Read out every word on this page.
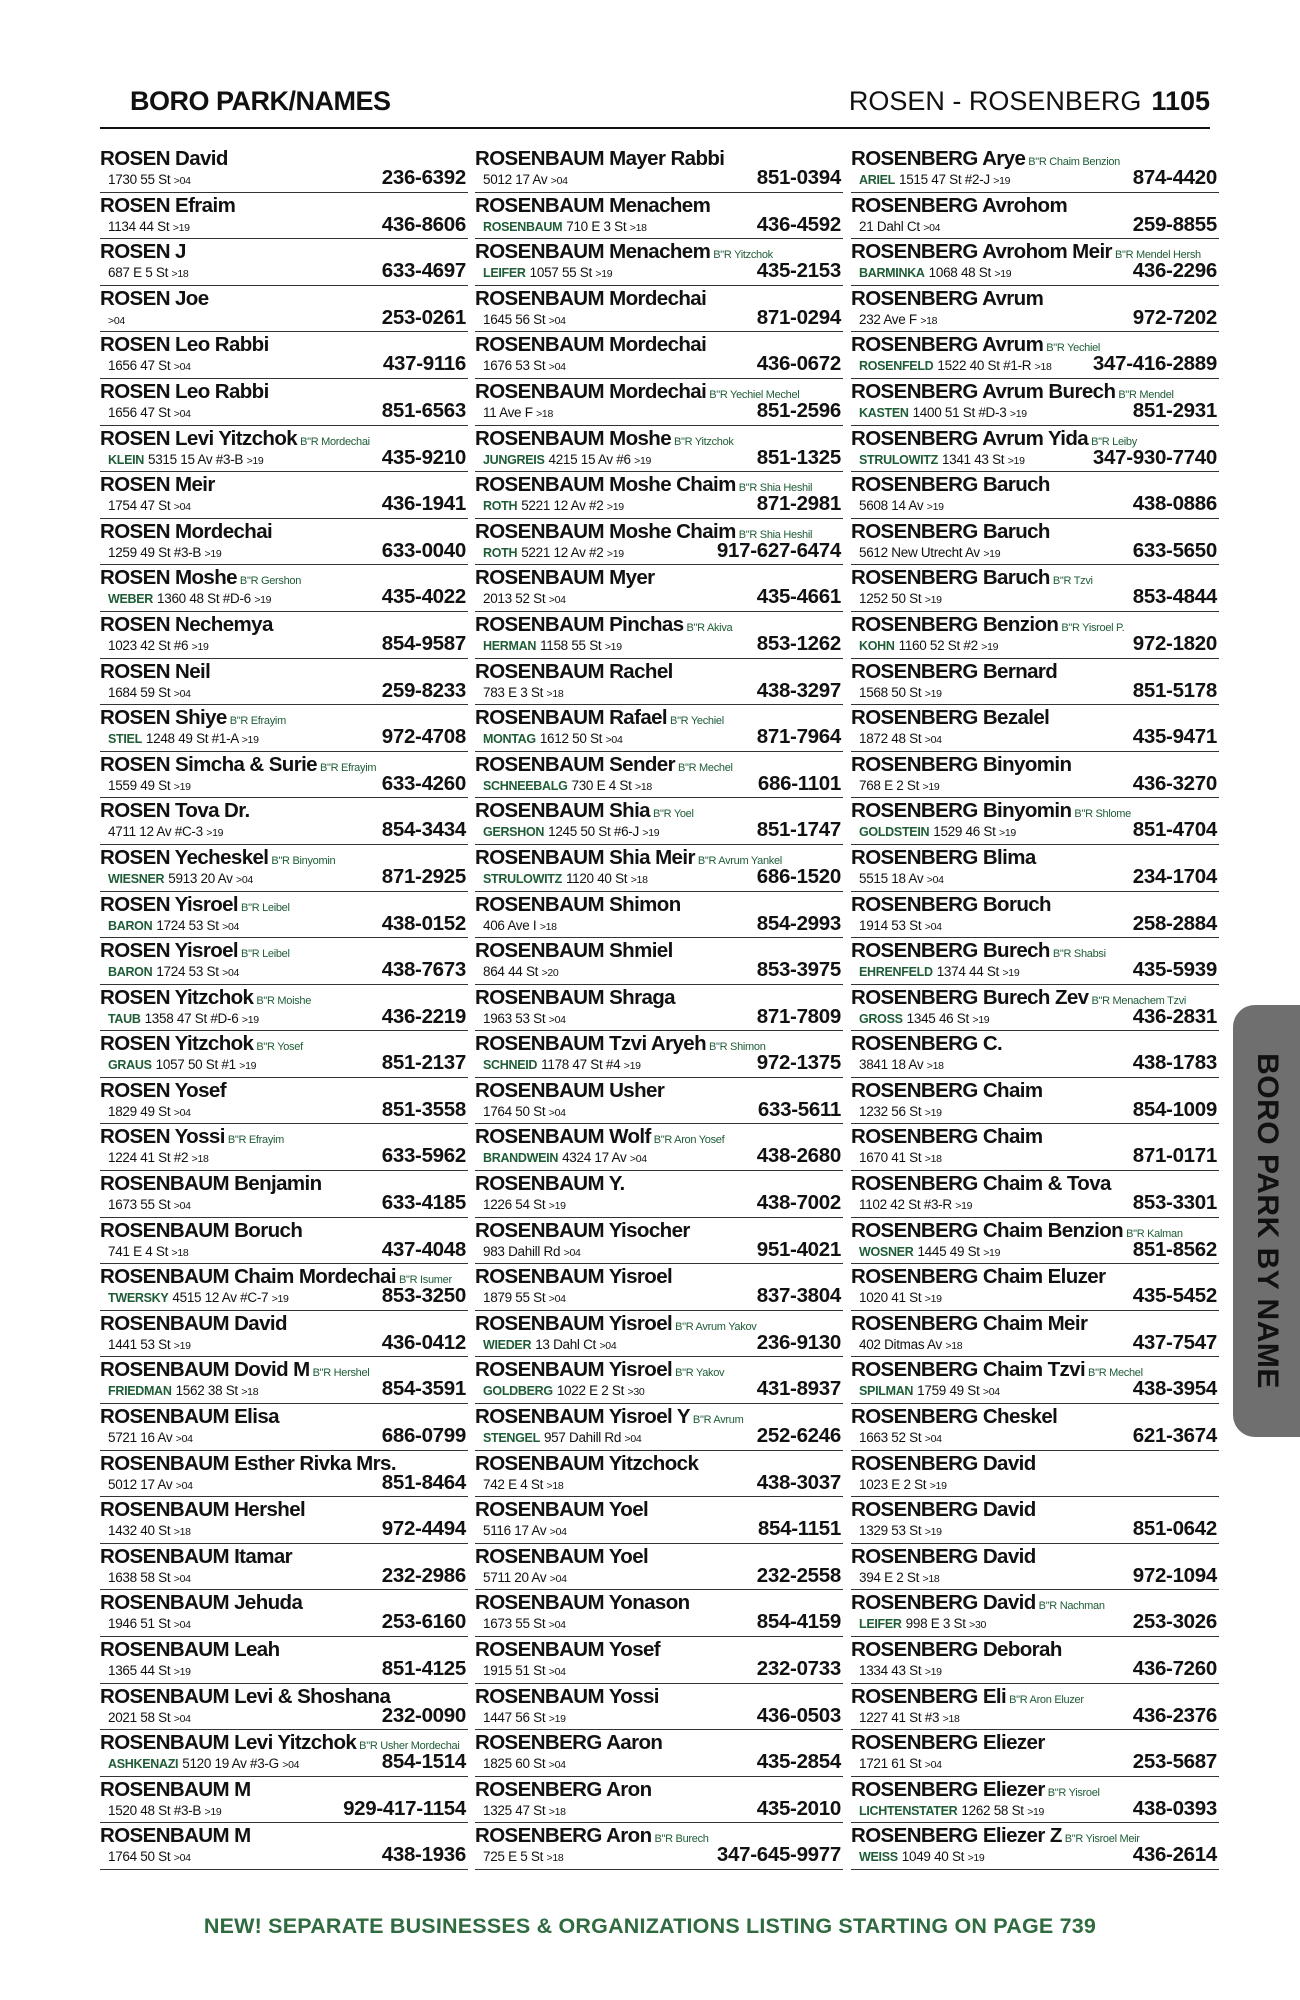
BORO PARK/NAMES	ROSEN - ROSENBERG 1105
ROSEN David
1730 55 St >04	236-6392
ROSEN Efraim
1134 44 St >19	436-8606
ROSEN J
687 E 5 St >18	633-4697
ROSEN Joe
>04	253-0261
ROSEN Leo Rabbi
1656 47 St >04	437-9116
ROSEN Leo Rabbi
1656 47 St >04	851-6563
ROSEN Levi Yitzchok B"R Mordechai
KLEIN 5315 15 Av #3-B >19	435-9210
ROSEN Meir
1754 47 St >04	436-1941
ROSEN Mordechai
1259 49 St #3-B >19	633-0040
ROSEN Moshe B"R Gershon
WEBER 1360 48 St #D-6 >19	435-4022
ROSEN Nechemya
1023 42 St #6 >19	854-9587
ROSEN Neil
1684 59 St >04	259-8233
ROSEN Shiye B"R Efrayim
STIEL 1248 49 St #1-A >19	972-4708
ROSEN Simcha & Surie B"R Efrayim
1559 49 St >19	633-4260
ROSEN Tova Dr.
4711 12 Av #C-3 >19	854-3434
ROSEN Yecheskel B"R Binyomin
WIESNER 5913 20 Av >04	871-2925
ROSEN Yisroel B"R Leibel
BARON 1724 53 St >04	438-0152
ROSEN Yisroel B"R Leibel
BARON 1724 53 St >04	438-7673
ROSEN Yitzchok B"R Moishe
TAUB 1358 47 St #D-6 >19	436-2219
ROSEN Yitzchok B"R Yosef
GRAUS 1057 50 St #1 >19	851-2137
ROSEN Yosef
1829 49 St >04	851-3558
ROSEN Yossi B"R Efrayim
1224 41 St #2 >18	633-5962
ROSENBAUM Benjamin
1673 55 St >04	633-4185
ROSENBAUM Boruch
741 E 4 St >18	437-4048
ROSENBAUM Chaim Mordechai B"R Isumer
TWERSKY 4515 12 Av #C-7 >19	853-3250
ROSENBAUM David
1441 53 St >19	436-0412
ROSENBAUM Dovid M B"R Hershel
FRIEDMAN 1562 38 St >18	854-3591
ROSENBAUM Elisa
5721 16 Av >04	686-0799
ROSENBAUM Esther Rivka Mrs.
5012 17 Av >04	851-8464
ROSENBAUM Hershel
1432 40 St >18	972-4494
ROSENBAUM Itamar
1638 58 St >04	232-2986
ROSENBAUM Jehuda
1946 51 St >04	253-6160
ROSENBAUM Leah
1365 44 St >19	851-4125
ROSENBAUM Levi & Shoshana
2021 58 St >04	232-0090
ROSENBAUM Levi Yitzchok B"R Usher Mordechai
ASHKENAZI 5120 19 Av #3-G >04	854-1514
ROSENBAUM M
1520 48 St #3-B >19	929-417-1154
ROSENBAUM M
1764 50 St >04	438-1936
ROSENBAUM Mayer Rabbi
5012 17 Av >04	851-0394
ROSENBAUM Menachem
ROSENBAUM 710 E 3 St >18	436-4592
ROSENBAUM Menachem B"R Yitzchok
LEIFER 1057 55 St >19	435-2153
ROSENBAUM Mordechai
1645 56 St >04	871-0294
ROSENBAUM Mordechai
1676 53 St >04	436-0672
ROSENBAUM Mordechai B"R Yechiel Mechel
11 Ave F >18	851-2596
ROSENBAUM Moshe B"R Yitzchok
JUNGREIS 4215 15 Av #6 >19	851-1325
ROSENBAUM Moshe Chaim B"R Shia Heshil
ROTH 5221 12 Av #2 >19	871-2981
ROSENBAUM Moshe Chaim B"R Shia Heshil
ROTH 5221 12 Av #2 >19	917-627-6474
ROSENBAUM Myer
2013 52 St >04	435-4661
ROSENBAUM Pinchas B"R Akiva
HERMAN 1158 55 St >19	853-1262
ROSENBAUM Rachel
783 E 3 St >18	438-3297
ROSENBAUM Rafael B"R Yechiel
MONTAG 1612 50 St >04	871-7964
ROSENBAUM Sender B"R Mechel
SCHNEEBALG 730 E 4 St >18	686-1101
ROSENBAUM Shia B"R Yoel
GERSHON 1245 50 St #6-J >19	851-1747
ROSENBAUM Shia Meir B"R Avrum Yankel
STRULOWITZ 1120 40 St >18	686-1520
ROSENBAUM Shimon
406 Ave I >18	854-2993
ROSENBAUM Shmiel
864 44 St >20	853-3975
ROSENBAUM Shraga
1963 53 St >04	871-7809
ROSENBAUM Tzvi Aryeh B"R Shimon
SCHNEID 1178 47 St #4 >19	972-1375
ROSENBAUM Usher
1764 50 St >04	633-5611
ROSENBAUM Wolf B"R Aron Yosef
BRANDWEIN 4324 17 Av >04	438-2680
ROSENBAUM Y.
1226 54 St >19	438-7002
ROSENBAUM Yisocher
983 Dahill Rd >04	951-4021
ROSENBAUM Yisroel
1879 55 St >04	837-3804
ROSENBAUM Yisroel B"R Avrum Yakov
WIEDER 13 Dahl Ct >04	236-9130
ROSENBAUM Yisroel B"R Yakov
GOLDBERG 1022 E 2 St >30	431-8937
ROSENBAUM Yisroel Y B"R Avrum
STENGEL 957 Dahill Rd >04	252-6246
ROSENBAUM Yitzchock
742 E 4 St >18	438-3037
ROSENBAUM Yoel
5116 17 Av >04	854-1151
ROSENBAUM Yoel
5711 20 Av >04	232-2558
ROSENBAUM Yonason
1673 55 St >04	854-4159
ROSENBAUM Yosef
1915 51 St >04	232-0733
ROSENBAUM Yossi
1447 56 St >19	436-0503
ROSENBERG Aaron
1825 60 St >04	435-2854
ROSENBERG Aron
1325 47 St >18	435-2010
ROSENBERG Aron B"R Burech
725 E 5 St >18	347-645-9977
ROSENBERG Arye B"R Chaim Benzion
ARIEL 1515 47 St #2-J >19	874-4420
ROSENBERG Avrohom
21 Dahl Ct >04	259-8855
ROSENBERG Avrohom Meir B"R Mendel Hersh
BARMINKA 1068 48 St >19	436-2296
ROSENBERG Avrum
232 Ave F >18	972-7202
ROSENBERG Avrum B"R Yechiel
ROSENFELD 1522 40 St #1-R >18 347-416-2889
ROSENBERG Avrum Burech B"R Mendel
KASTEN 1400 51 St #D-3 >19	851-2931
ROSENBERG Avrum Yida B"R Leiby
STRULOWITZ 1341 43 St >19	347-930-7740
ROSENBERG Baruch
5608 14 Av >19	438-0886
ROSENBERG Baruch
5612 New Utrecht Av >19	633-5650
ROSENBERG Baruch B"R Tzvi
1252 50 St >19	853-4844
ROSENBERG Benzion B"R Yisroel P.
KOHN 1160 52 St #2 >19	972-1820
ROSENBERG Bernard
1568 50 St >19	851-5178
ROSENBERG Bezalel
1872 48 St >04	435-9471
ROSENBERG Binyomin
768 E 2 St >19	436-3270
ROSENBERG Binyomin B"R Shlome
GOLDSTEIN 1529 46 St >19	851-4704
ROSENBERG Blima
5515 18 Av >04	234-1704
ROSENBERG Boruch
1914 53 St >04	258-2884
ROSENBERG Burech B"R Shabsi
EHRENFELD 1374 44 St >19	435-5939
ROSENBERG Burech Zev B"R Menachem Tzvi
GROSS 1345 46 St >19	436-2831
ROSENBERG C.
3841 18 Av >18	438-1783
ROSENBERG Chaim
1232 56 St >19	854-1009
ROSENBERG Chaim
1670 41 St >18	871-0171
ROSENBERG Chaim & Tova
1102 42 St #3-R >19	853-3301
ROSENBERG Chaim Benzion B"R Kalman
WOSNER 1445 49 St >19	851-8562
ROSENBERG Chaim Eluzer
1020 41 St >19	435-5452
ROSENBERG Chaim Meir
402 Ditmas Av >18	437-7547
ROSENBERG Chaim Tzvi B"R Mechel
SPILMAN 1759 49 St >04	438-3954
ROSENBERG Cheskel
1663 52 St >04	621-3674
ROSENBERG David
1023 E 2 St >19
ROSENBERG David
1329 53 St >19	851-0642
ROSENBERG David
394 E 2 St >18	972-1094
ROSENBERG David B"R Nachman
LEIFER 998 E 3 St >30	253-3026
ROSENBERG Deborah
1334 43 St >19	436-7260
ROSENBERG Eli B"R Aron Eluzer
1227 41 St #3 >18	436-2376
ROSENBERG Eliezer
1721 61 St >04	253-5687
ROSENBERG Eliezer B"R Yisroel
LICHTENSTATER 1262 58 St >19	438-0393
ROSENBERG Eliezer Z B"R Yisroel Meir
WEISS 1049 40 St >19	436-2614
BORO PARK BY NAME
NEW! SEPARATE BUSINESSES & ORGANIZATIONS LISTING STARTING ON PAGE 739
